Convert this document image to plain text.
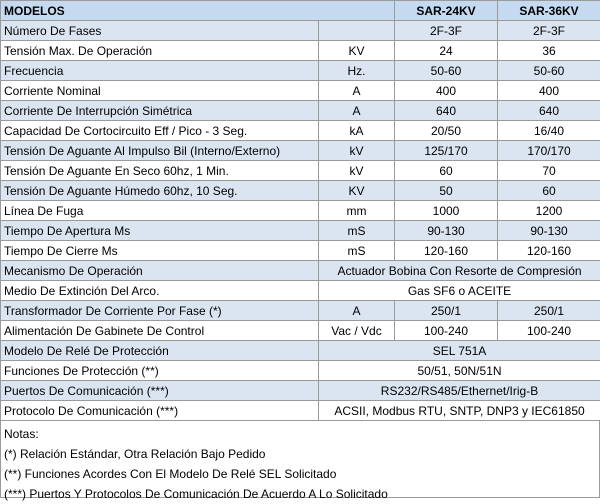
MODELOS		SAR-24KV	SAR-36KV
Número De Fases		2F-3F	2F-3F
Tensión Max. De Operación	KV	24	36
Frecuencia	Hz.	50-60	50-60
Corriente Nominal	A	400	400
Corriente De Interrupción Simétrica	A	640	640
Capacidad De Cortocircuito Eff / Pico - 3 Seg.	kA	20/50	16/40
Tensión De Aguante Al Impulso Bil (Interno/Externo)	kV	125/170	170/170
Tensión De Aguante En Seco 60hz, 1 Min.	kV	60	70
Tensión De Aguante Húmedo 60hz, 10 Seg.	KV	50	60
Línea De Fuga	mm	1000	1200
Tiempo De Apertura Ms	mS	90-130	90-130
Tiempo De Cierre Ms	mS	120-160	120-160
Mecanismo De Operación	Actuador Bobina Con Resorte de Compresión		
Medio De Extinción Del Arco.	Gas SF6 o ACEITE		
Transformador De Corriente Por Fase (*)	A	250/1	250/1
Alimentación De Gabinete De Control	Vac / Vdc	100-240	100-240
Modelo De Relé De Protección	SEL 751A		
Funciones De Protección (**)	50/51, 50N/51N		
Puertos De Comunicación (***)	RS232/RS485/Ethernet/Irig-B		
Protocolo De Comunicación (***)	ACSII, Modbus RTU, SNTP, DNP3 y IEC61850		
Notas:
(*) Relación Estándar, Otra Relación Bajo Pedido
(**) Funciones Acordes Con El Modelo De Relé SEL Solicitado
(***) Puertos Y Protocolos De Comunicación De Acuerdo A Lo Solicitado
